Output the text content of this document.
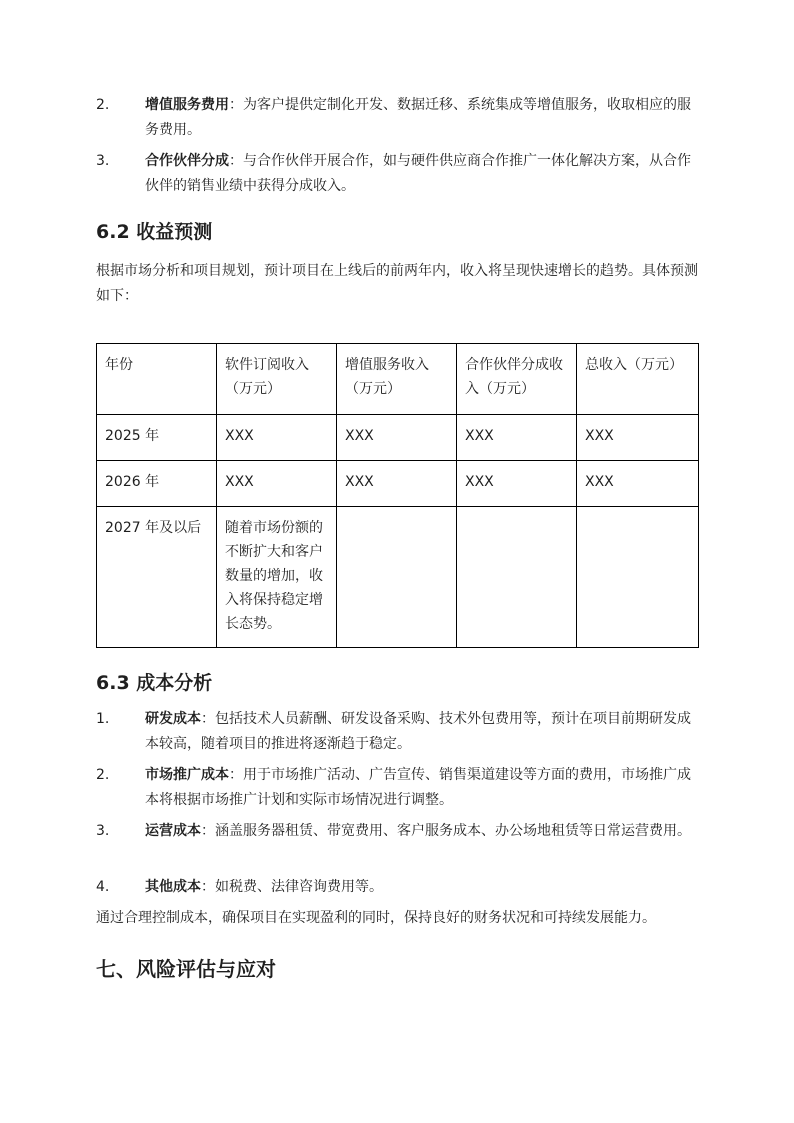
2.	增值服务费用：为客户提供定制化开发、数据迁移、系统集成等增值服务，收取相应的服务费用。
3.	合作伙伴分成：与合作伙伴开展合作，如与硬件供应商合作推广一体化解决方案，从合作伙伴的销售业绩中获得分成收入。
6.2 收益预测
根据市场分析和项目规划，预计项目在上线后的前两年内，收入将呈现快速增长的趋势。具体预测如下：
年份	软件订阅收入（万元）	增值服务收入（万元）	合作伙伴分成收入（万元）	总收入（万元）
2025 年	XXX	XXX	XXX	XXX
2026 年	XXX	XXX	XXX	XXX
2027 年及以后	随着市场份额的不断扩大和客户数量的增加，收入将保持稳定增长态势。			
6.3 成本分析
1.	研发成本：包括技术人员薪酬、研发设备采购、技术外包费用等，预计在项目前期研发成本较高，随着项目的推进将逐渐趋于稳定。
2.	市场推广成本：用于市场推广活动、广告宣传、销售渠道建设等方面的费用，市场推广成本将根据市场推广计划和实际市场情况进行调整。
3.	运营成本：涵盖服务器租赁、带宽费用、客户服务成本、办公场地租赁等日常运营费用。
4.	其他成本：如税费、法律咨询费用等。
通过合理控制成本，确保项目在实现盈利的同时，保持良好的财务状况和可持续发展能力。
七、风险评估与应对
